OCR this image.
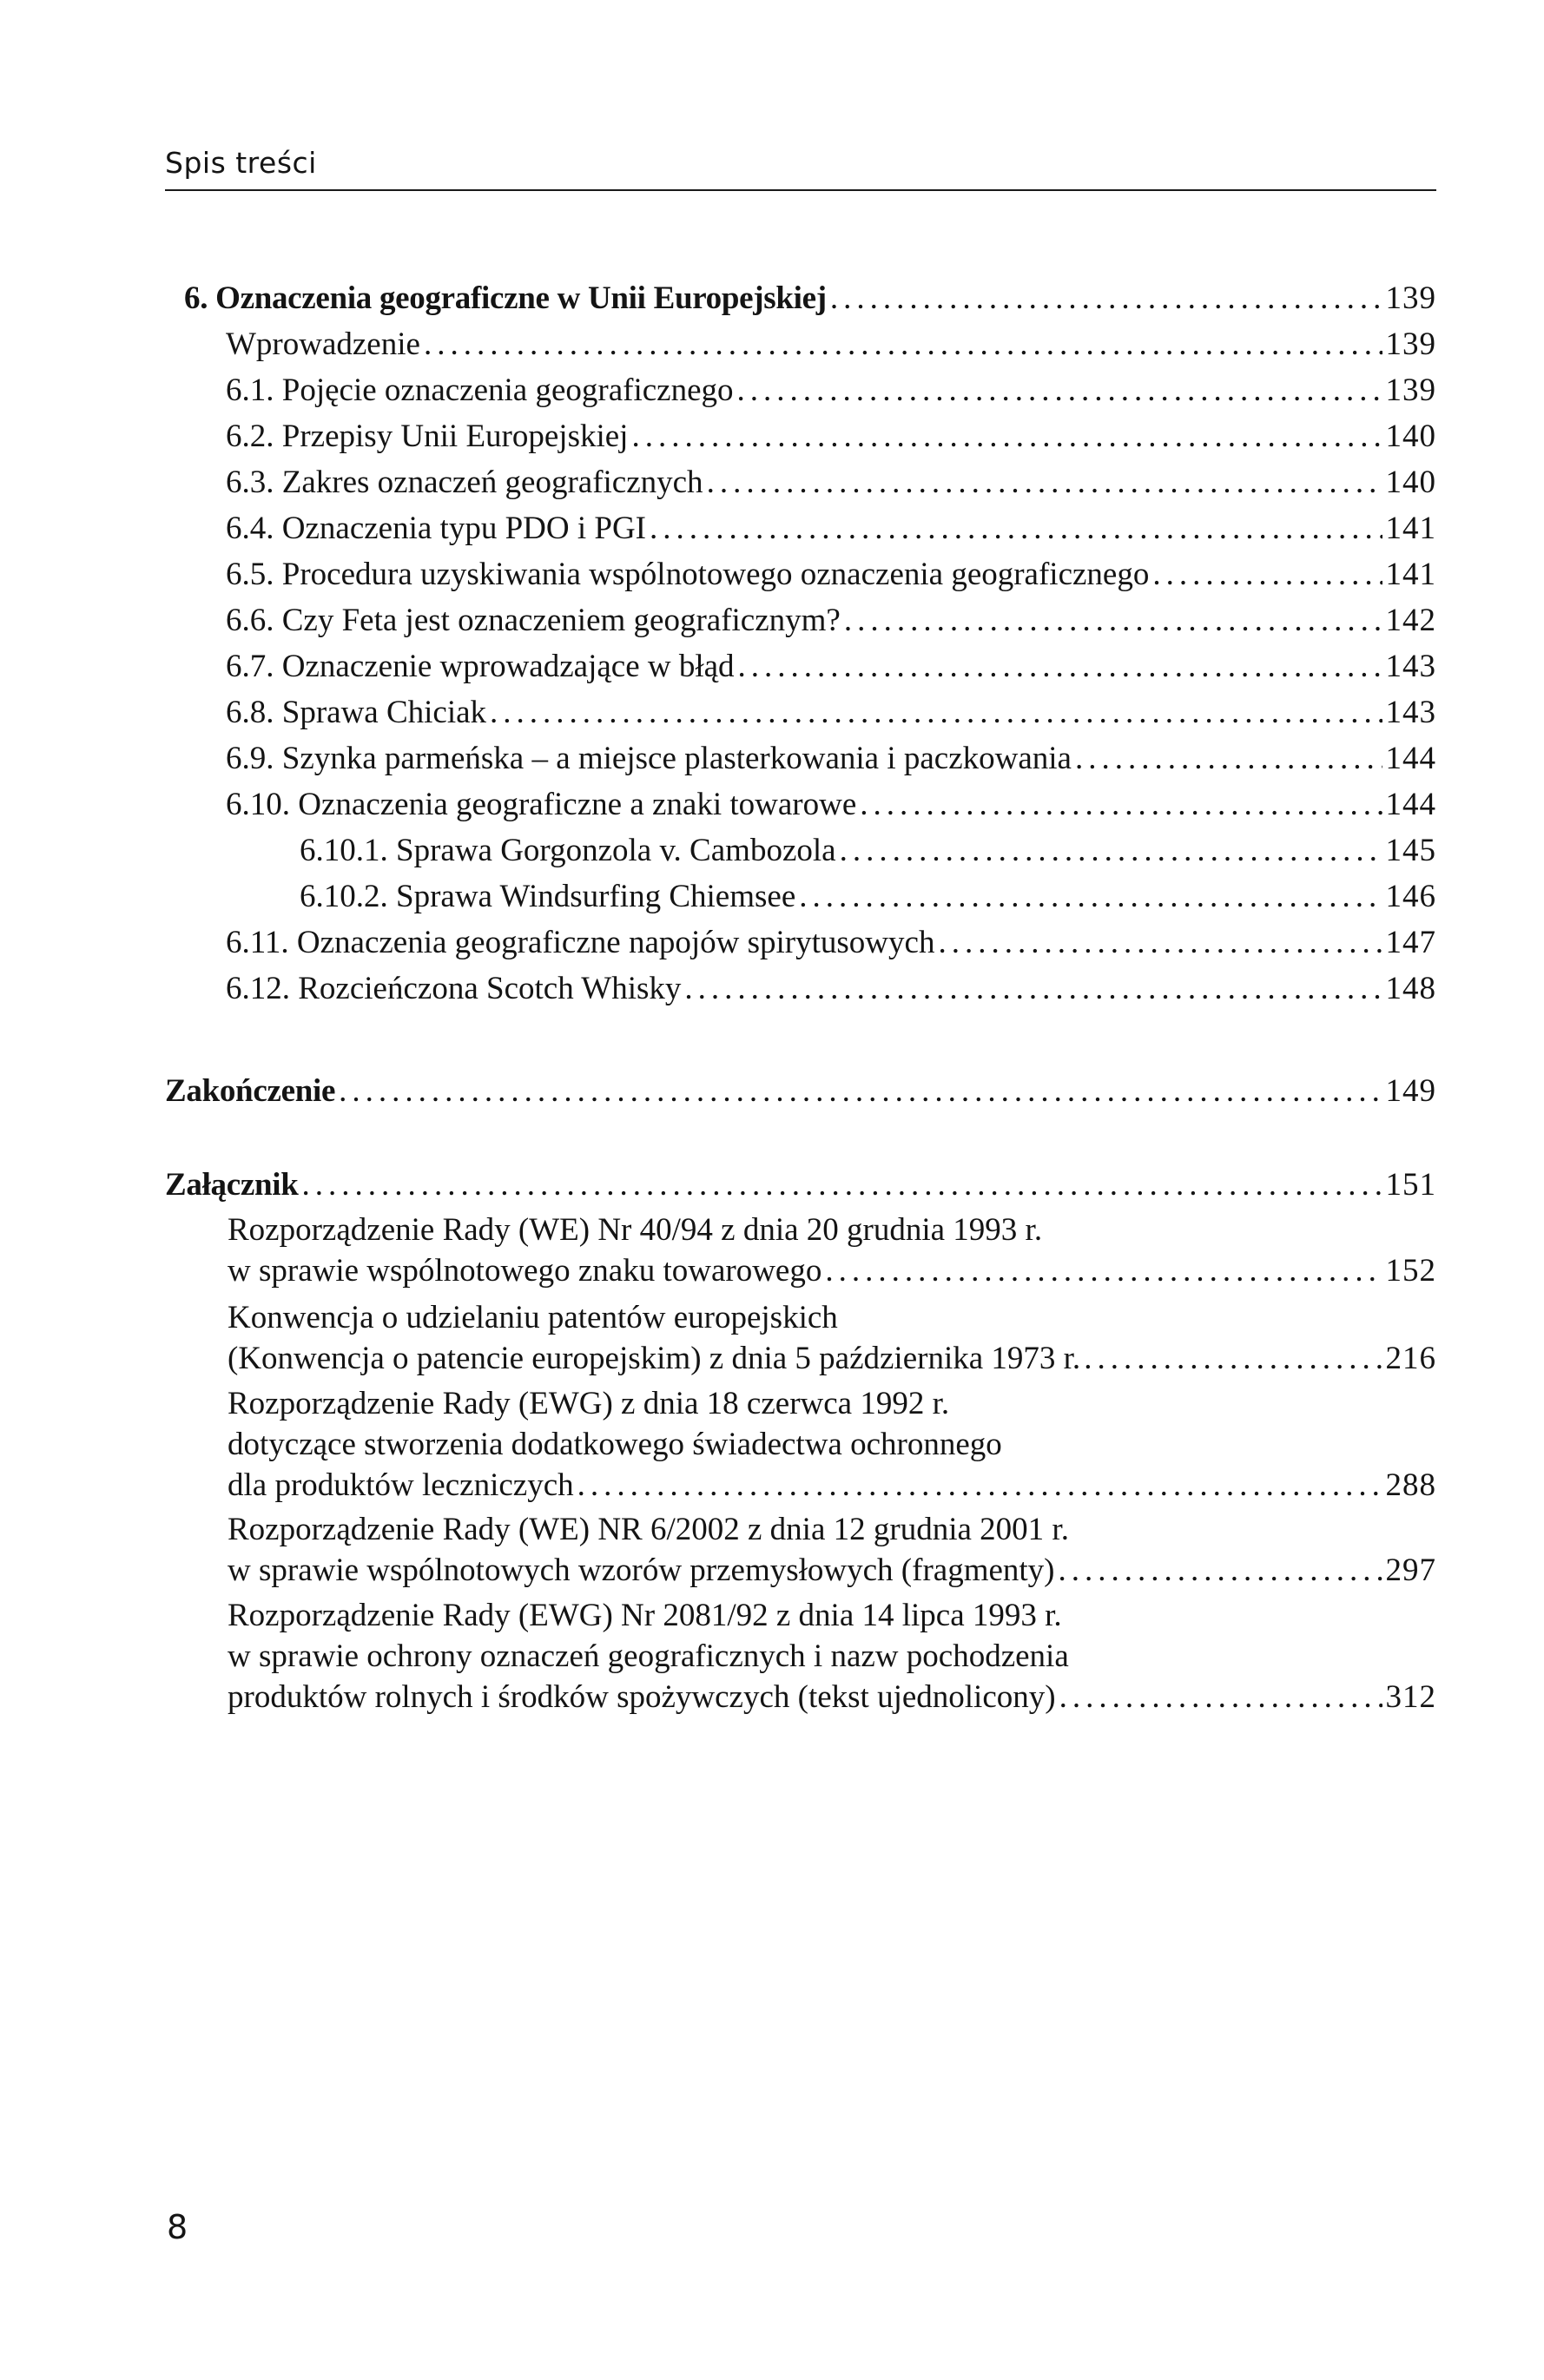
Spis treści
6. Oznaczenia geograficzne w Unii Europejskiej .....	139
Wprowadzenie .....	139
6.1. Pojęcie oznaczenia geograficznego .....	139
6.2. Przepisy Unii Europejskiej .....	140
6.3. Zakres oznaczeń geograficznych .....	140
6.4. Oznaczenia typu PDO i PGI .....	141
6.5. Procedura uzyskiwania wspólnotowego oznaczenia geograficznego .....	141
6.6. Czy Feta jest oznaczeniem geograficznym? .....	142
6.7. Oznaczenie wprowadzające w błąd .....	143
6.8. Sprawa Chiciak .....	143
6.9. Szynka parmeńska – a miejsce plasterkowania i paczkowania .....	144
6.10. Oznaczenia geograficzne a znaki towarowe .....	144
6.10.1. Sprawa Gorgonzola v. Cambozola .....	145
6.10.2. Sprawa Windsurfing Chiemsee .....	146
6.11. Oznaczenia geograficzne napojów spirytusowych .....	147
6.12. Rozcieńczona Scotch Whisky .....	148
Zakończenie .....	149
Załącznik .....	151
Rozporządzenie Rady (WE) Nr 40/94 z dnia 20 grudnia 1993 r.
w sprawie wspólnotowego znaku towarowego .....	152
Konwencja o udzielaniu patentów europejskich
(Konwencja o patencie europejskim) z dnia 5 października 1973 r. .....	216
Rozporządzenie Rady (EWG) z dnia 18 czerwca 1992 r.
dotyczące stworzenia dodatkowego świadectwa ochronnego
dla produktów leczniczych .....	288
Rozporządzenie Rady (WE) NR 6/2002 z dnia 12 grudnia 2001 r.
w sprawie wspólnotowych wzorów przemysłowych (fragmenty) .....	297
Rozporządzenie Rady (EWG) Nr 2081/92 z dnia 14 lipca 1993 r.
w sprawie ochrony oznaczeń geograficznych i nazw pochodzenia
produktów rolnych i środków spożywczych (tekst ujednolicony) .....	312
8
